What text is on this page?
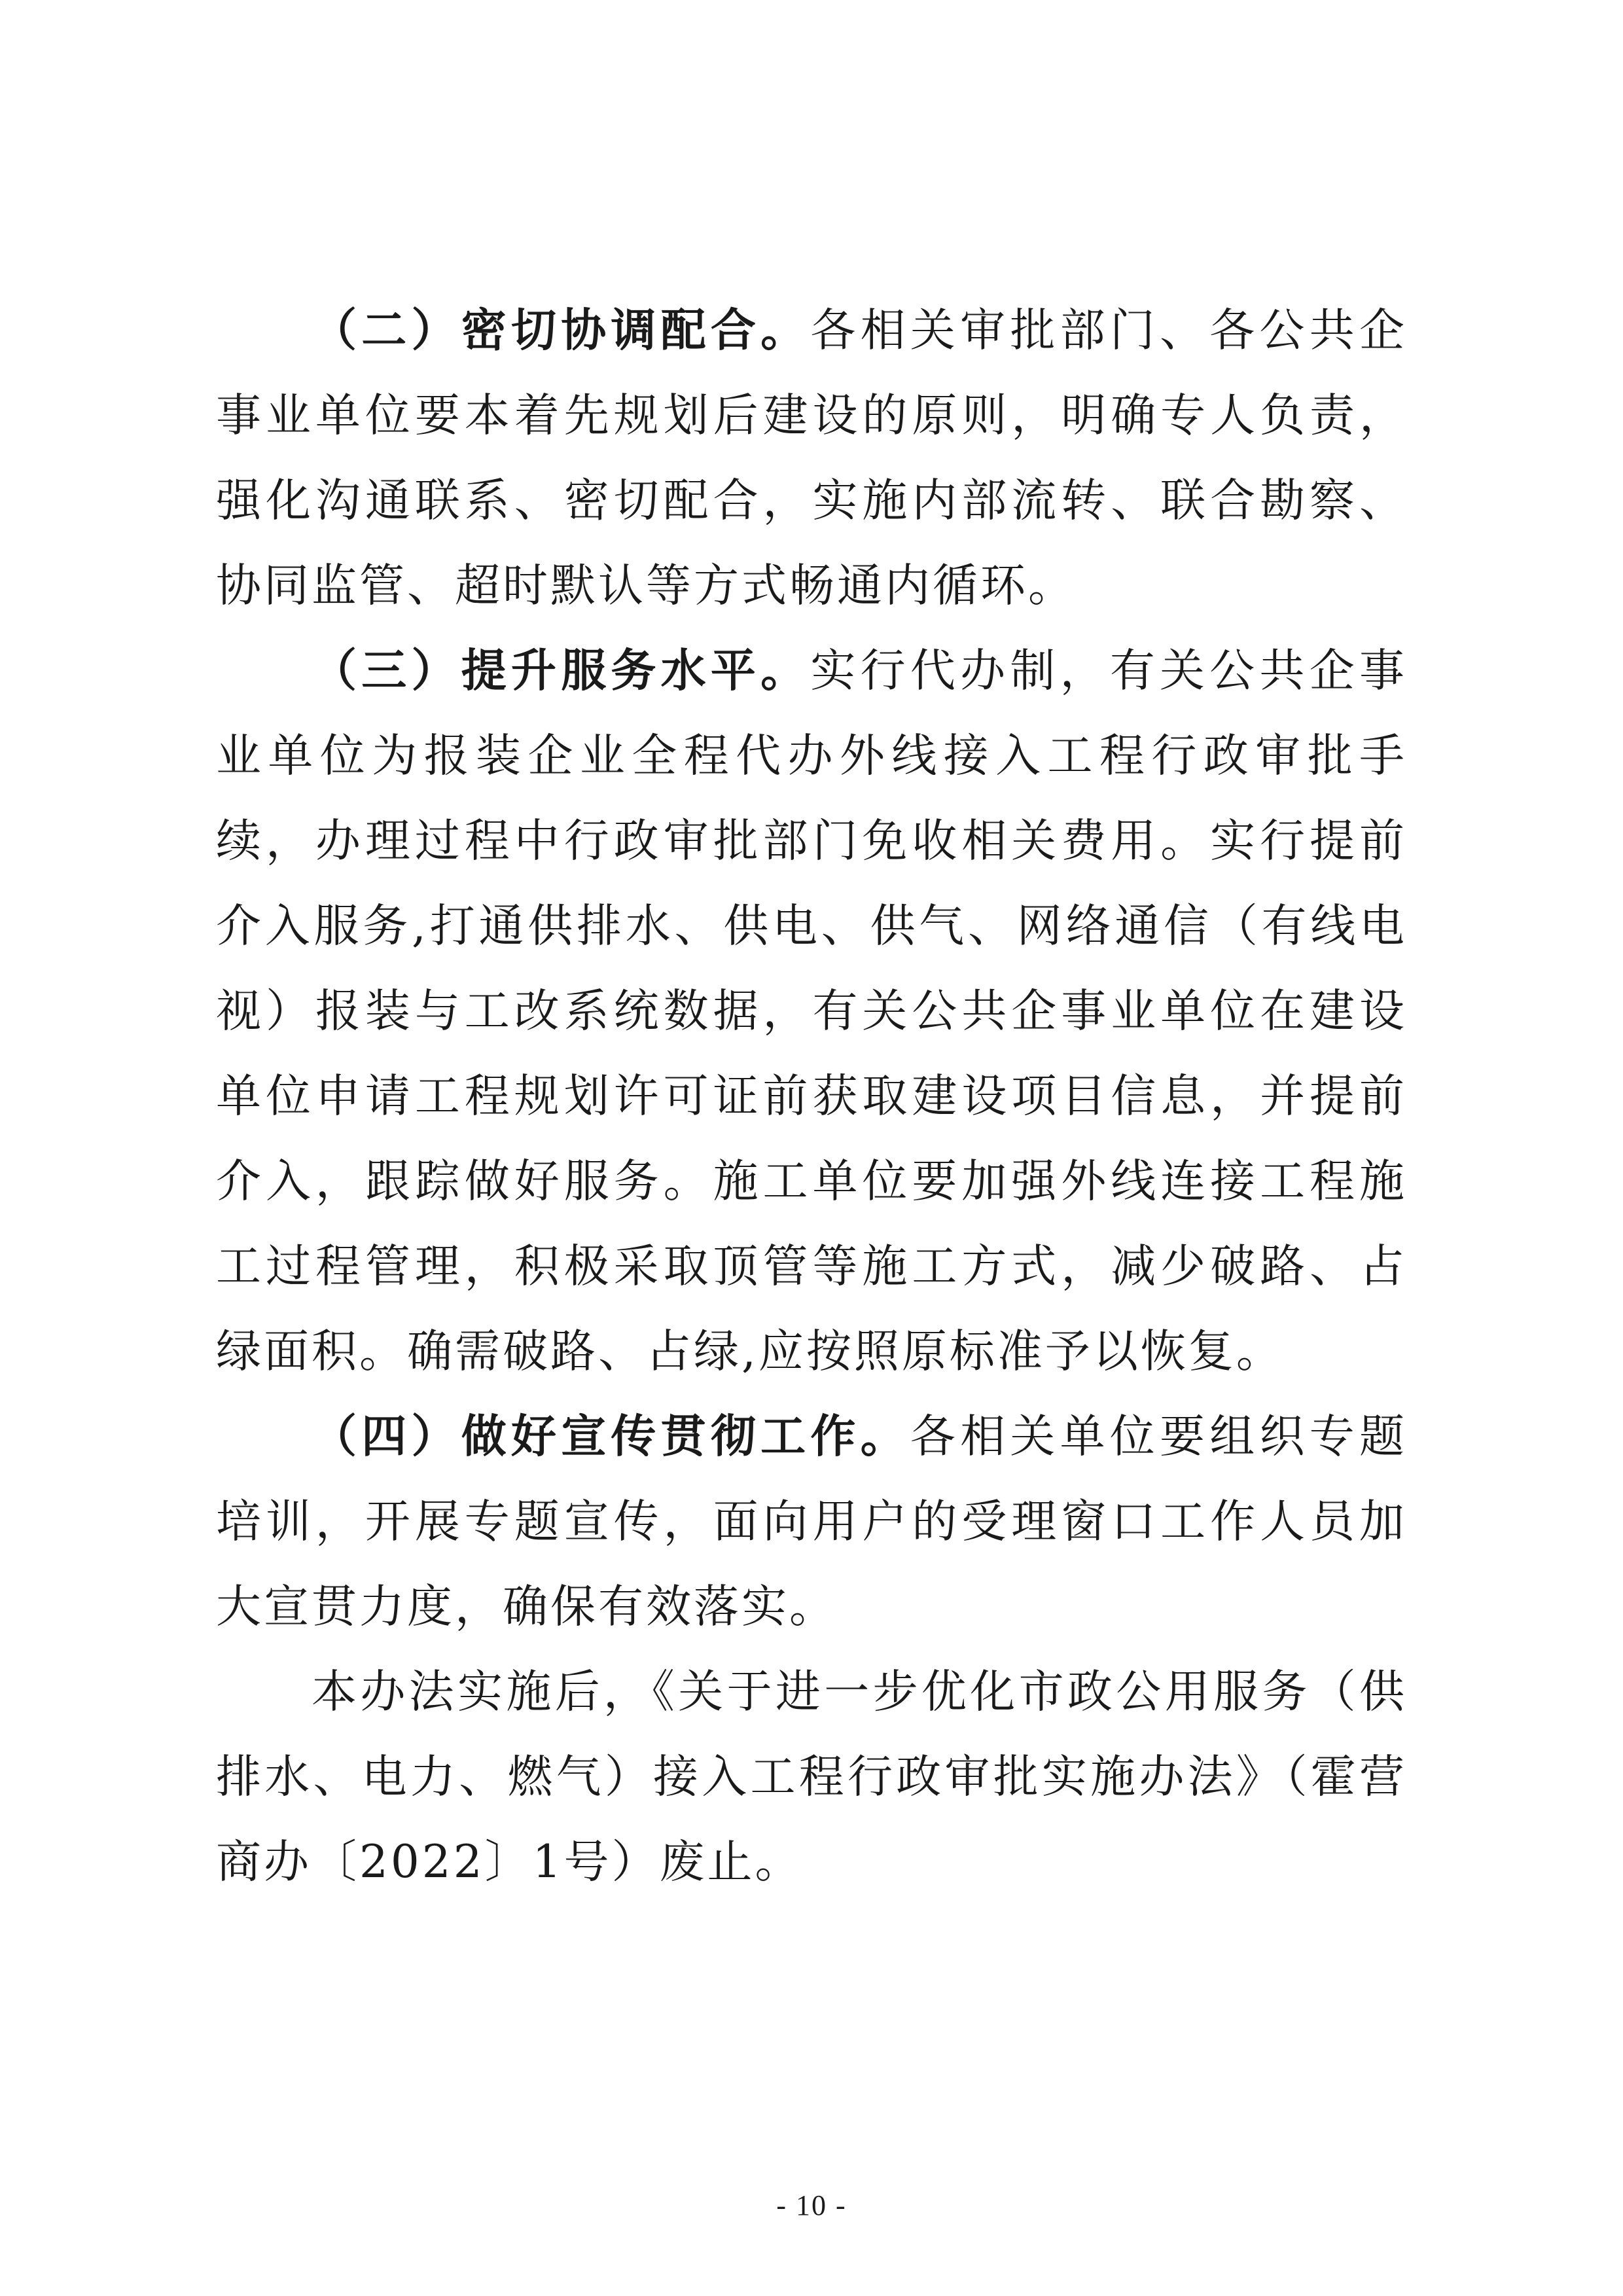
（二）密切协调配合。各相关审批部门、各公共企事业单位要本着先规划后建设的原则，明确专人负责，强化沟通联系、密切配合，实施内部流转、联合勘察、协同监管、超时默认等方式畅通内循环。

（三）提升服务水平。实行代办制，有关公共企事业单位为报装企业全程代办外线接入工程行政审批手续，办理过程中行政审批部门免收相关费用。实行提前介入服务,打通供排水、供电、供气、网络通信（有线电视）报装与工改系统数据，有关公共企事业单位在建设单位申请工程规划许可证前获取建设项目信息，并提前介入，跟踪做好服务。施工单位要加强外线连接工程施工过程管理，积极采取顶管等施工方式，减少破路、占绿面积。确需破路、占绿,应按照原标准予以恢复。

（四）做好宣传贯彻工作。各相关单位要组织专题培训，开展专题宣传，面向用户的受理窗口工作人员加大宣贯力度，确保有效落实。

本办法实施后，《关于进一步优化市政公用服务（供排水、电力、燃气）接入工程行政审批实施办法》（霍营商办〔2022〕1号）废止。

- 10 -
